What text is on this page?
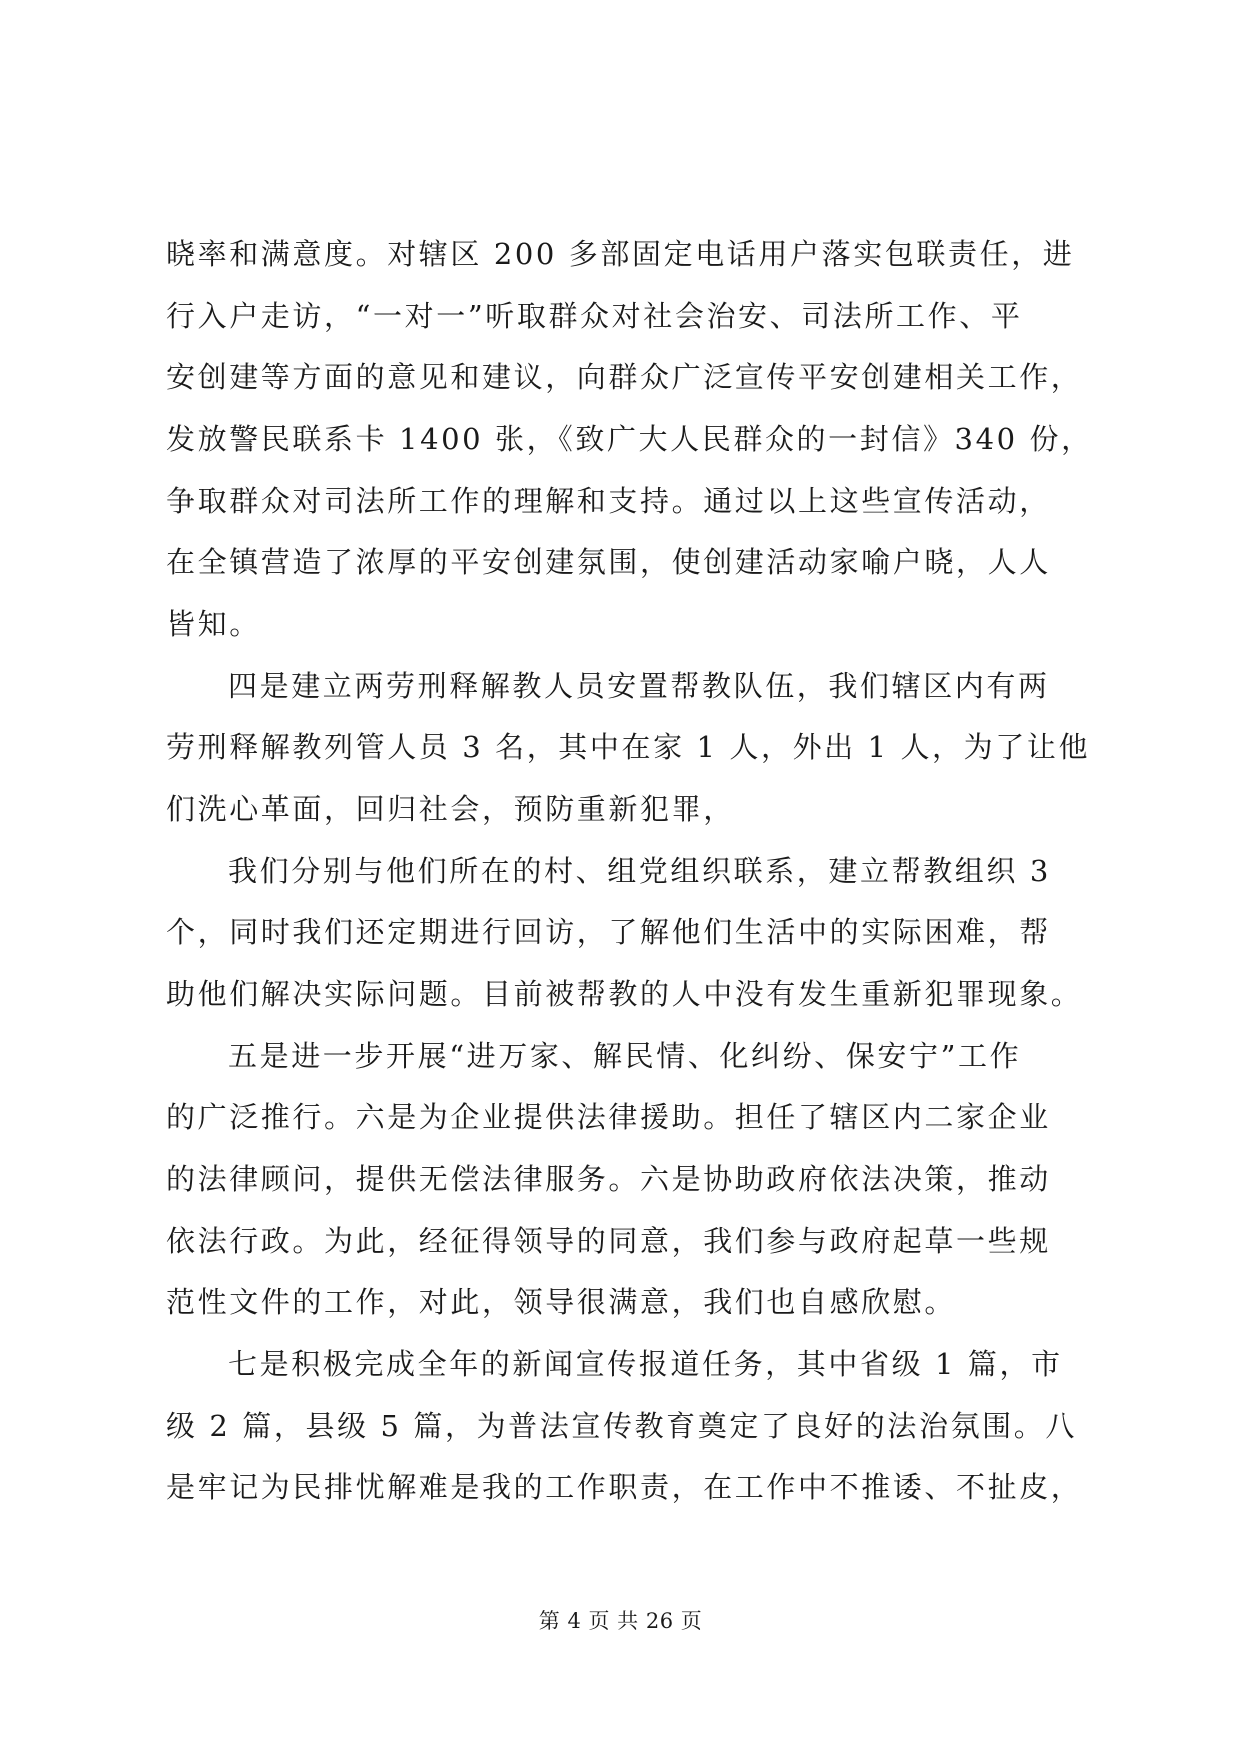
晓率和满意度。对辖区 200 多部固定电话用户落实包联责任，进
行入户走访，“一对一”听取群众对社会治安、司法所工作、平
安创建等方面的意见和建议，向群众广泛宣传平安创建相关工作，
发放警民联系卡 1400 张，《致广大人民群众的一封信》340 份，
争取群众对司法所工作的理解和支持。通过以上这些宣传活动，
在全镇营造了浓厚的平安创建氛围，使创建活动家喻户晓，人人
皆知。
四是建立两劳刑释解教人员安置帮教队伍，我们辖区内有两
劳刑释解教列管人员 3 名，其中在家 1 人，外出 1 人，为了让他
们洗心革面，回归社会，预防重新犯罪，
我们分别与他们所在的村、组党组织联系，建立帮教组织 3
个，同时我们还定期进行回访，了解他们生活中的实际困难，帮
助他们解决实际问题。目前被帮教的人中没有发生重新犯罪现象。
五是进一步开展“进万家、解民情、化纠纷、保安宁”工作
的广泛推行。六是为企业提供法律援助。担任了辖区内二家企业
的法律顾问，提供无偿法律服务。六是协助政府依法决策，推动
依法行政。为此，经征得领导的同意，我们参与政府起草一些规
范性文件的工作，对此，领导很满意，我们也自感欣慰。
七是积极完成全年的新闻宣传报道任务，其中省级 1 篇，市
级 2 篇，县级 5 篇，为普法宣传教育奠定了良好的法治氛围。八
是牢记为民排忧解难是我的工作职责，在工作中不推诿、不扯皮，
第 4 页 共 26 页
